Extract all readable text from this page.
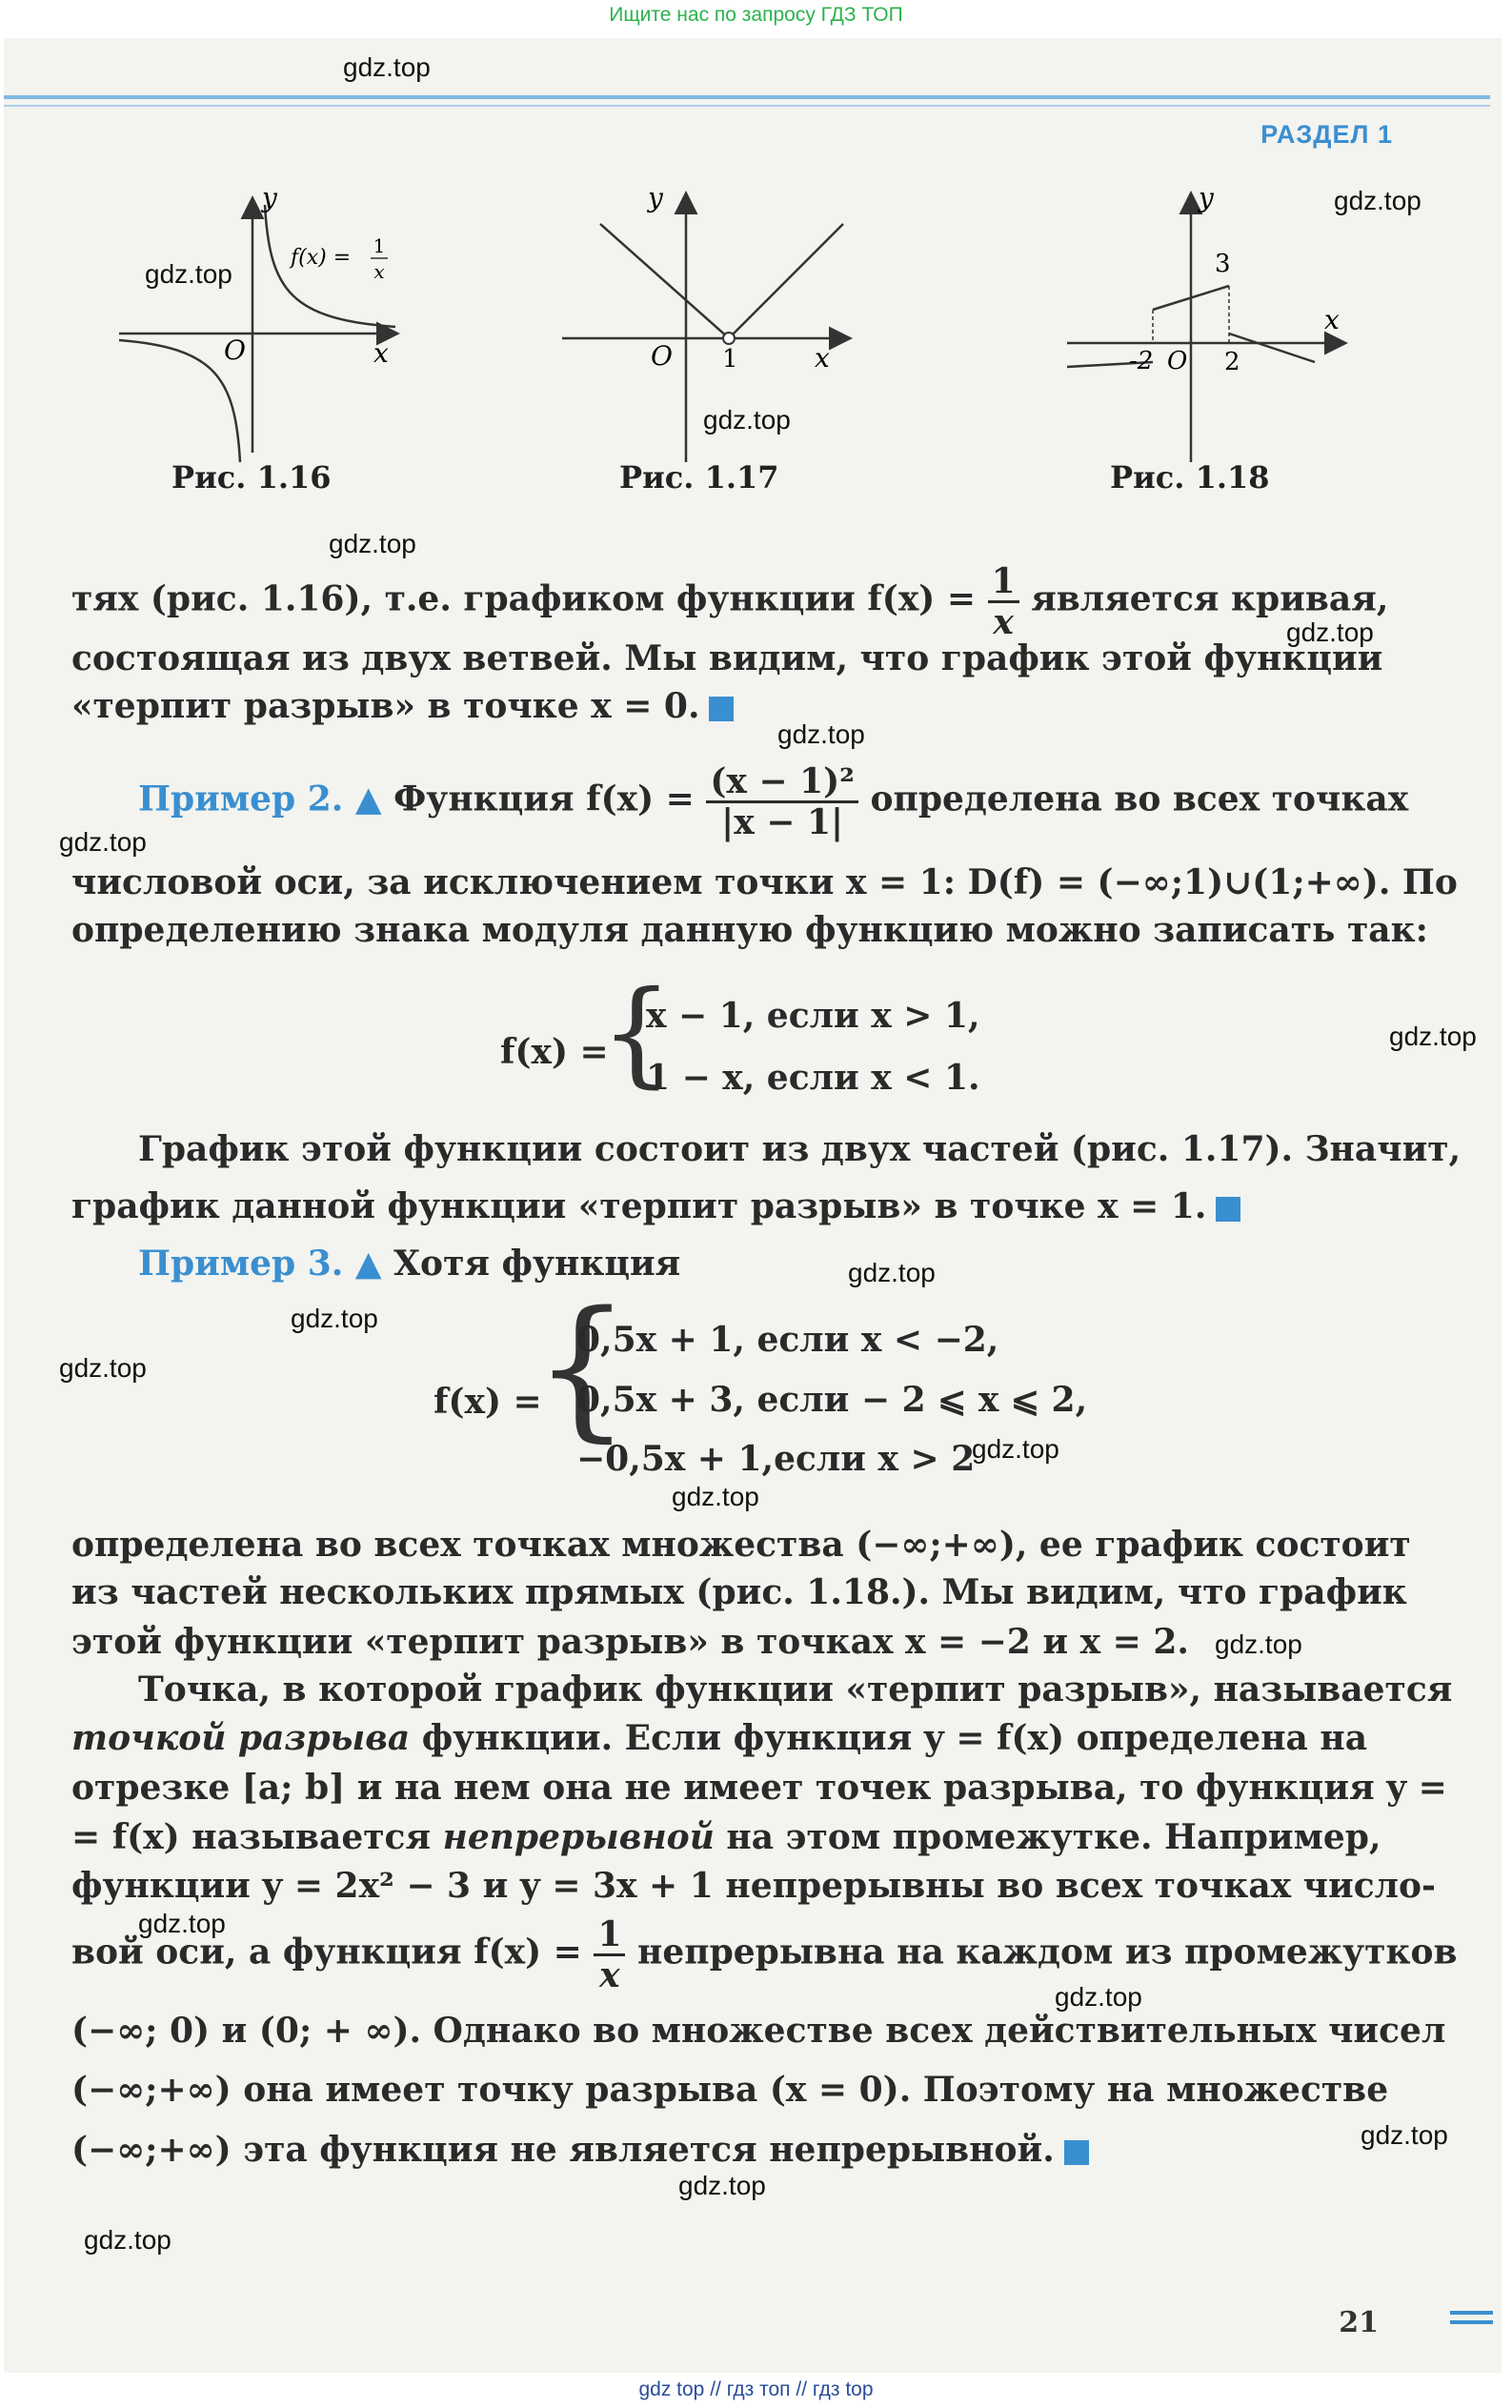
Ищите нас по запросу ГДЗ ТОП
РАЗДЕЛ 1
y
x
O
f(x) = 1
x
Рис. 1.16
y
x
O 1
Рис. 1.17
y
x
3
-2 O 2
Рис. 1.18
тях (рис. 1.16), т.е. графиком функции $f(x) = \frac{1}{x}$ является кривая,
состоящая из двух ветвей. Мы видим, что график этой функции
«терпит разрыв» в точке x = 0.
Пример 2. ▲ Функция $f(x) = \frac{\text{(x − 1)²}}{|x - 1|}$ определена во всех точках
числовой оси, за исключением точки x = 1: D(f) = (−∞;1)∪(1;+∞). По
определению знака модуля данную функцию можно записать так:
f(x) =
{
x − 1, если x > 1,
1 − x, если x < 1.
График этой функции состоит из двух частей (рис. 1.17). Значит,
график данной функции «терпит разрыв» в точке x = 1.
Пример 3. ▲ Хотя функция
f(x) =
{
0,5x + 1, если x < −2,
0,5x + 3, если − 2 ⩽ x ⩽ 2,
−0,5x + 1,если x > 2
определена во всех точках множества (−∞;+∞), ее график состоит
из частей нескольких прямых (рис. 1.18.). Мы видим, что график
этой функции «терпит разрыв» в точках x = −2 и x = 2.
Точка, в которой график функции «терпит разрыв», называется
точкой разрыва функции. Если функция y = f(x) определена на
отрезке [a; b] и на нем она не имеет точек разрыва, то функция y =
= f(x) называется непрерывной на этом промежутке. Например,
функции y = 2x² − 3 и y = 3x + 1 непрерывны во всех точках число-
вой оси, а функция $f(x) = \frac{1}{x}$ непрерывна на каждом из промежутков
(−∞; 0) и (0; + ∞). Однако во множестве всех действительных чисел
(−∞;+∞) она имеет точку разрыва (x = 0). Поэтому на множестве
(−∞;+∞) эта функция не является непрерывной.
gdz.top
gdz.top
gdz.top
gdz.top
gdz.top
gdz.top
gdz.top
gdz.top
gdz.top
gdz.top
gdz.top
gdz.top
gdz.top
gdz.top
gdz.top
gdz.top
gdz.top
gdz.top
gdz.top
gdz.top
21
gdz top // гдз топ // гдз top
